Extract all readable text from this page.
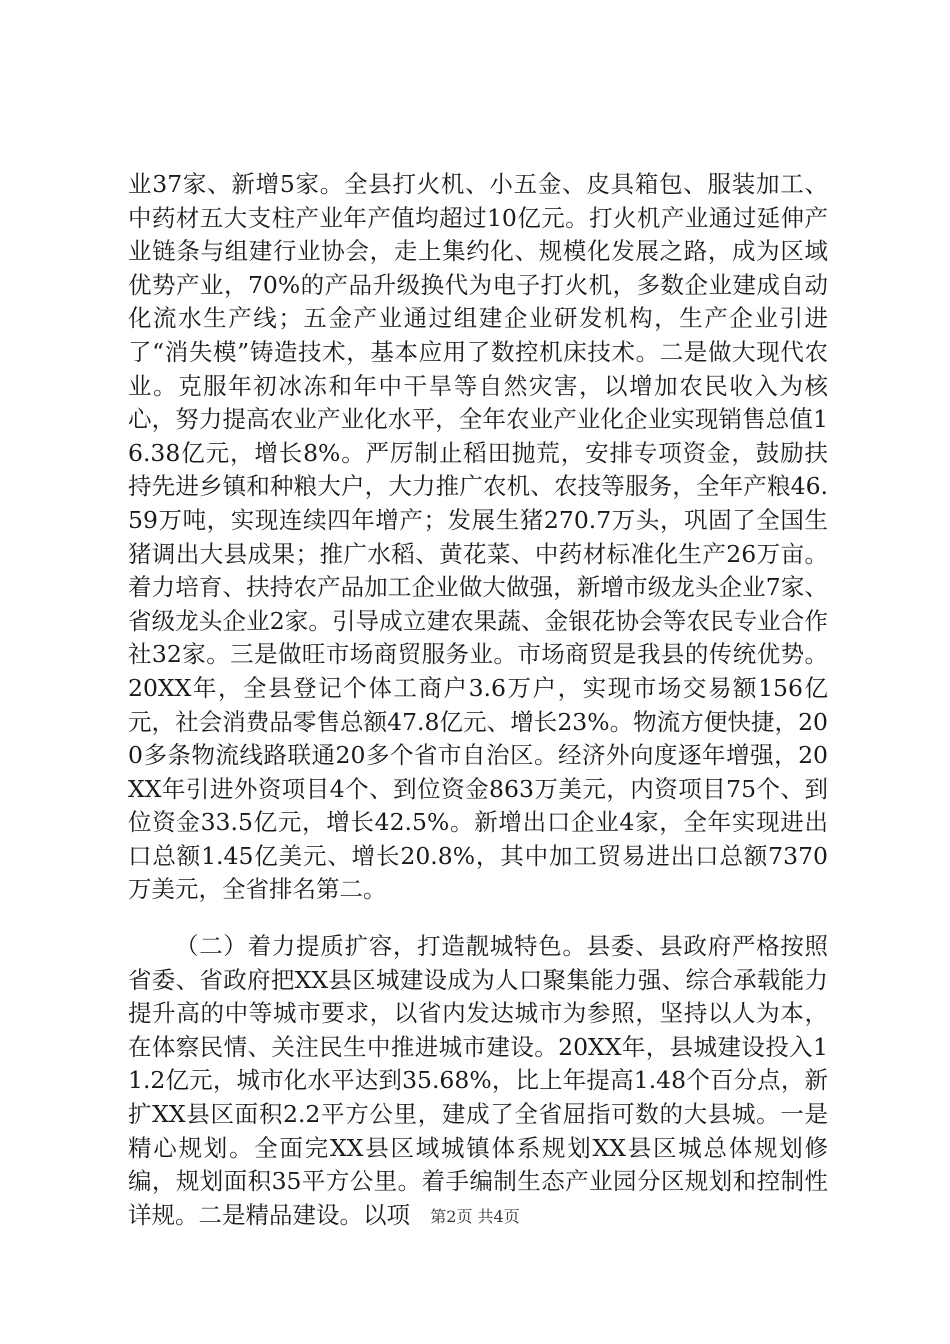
业37家、新增5家。全县打火机、小五金、皮具箱包、服装加工、中药材五大支柱产业年产值均超过10亿元。打火机产业通过延伸产业链条与组建行业协会，走上集约化、规模化发展之路，成为区域优势产业，70%的产品升级换代为电子打火机，多数企业建成自动化流水生产线；五金产业通过组建企业研发机构，生产企业引进了“消失模”铸造技术，基本应用了数控机床技术。二是做大现代农业。克服年初冰冻和年中干旱等自然灾害，以增加农民收入为核心，努力提高农业产业化水平，全年农业产业化企业实现销售总值16.38亿元，增长8%。严厉制止稻田抛荒，安排专项资金，鼓励扶持先进乡镇和种粮大户，大力推广农机、农技等服务，全年产粮46.59万吨，实现连续四年增产；发展生猪270.7万头，巩固了全国生猪调出大县成果；推广水稻、黄花菜、中药材标准化生产26万亩。着力培育、扶持农产品加工企业做大做强，新增市级龙头企业7家、省级龙头企业2家。引导成立建农果蔬、金银花协会等农民专业合作社32家。三是做旺市场商贸服务业。市场商贸是我县的传统优势。20XX年，全县登记个体工商户3.6万户，实现市场交易额156亿元，社会消费品零售总额47.8亿元、增长23%。物流方便快捷，200多条物流线路联通20多个省市自治区。经济外向度逐年增强，20XX年引进外资项目4个、到位资金863万美元，内资项目75个、到位资金33.5亿元，增长42.5%。新增出口企业4家，全年实现进出口总额1.45亿美元、增长20.8%，其中加工贸易进出口总额7370万美元，全省排名第二。

（二）着力提质扩容，打造靓城特色。县委、县政府严格按照省委、省政府把XX县区城建设成为人口聚集能力强、综合承载能力提升高的中等城市要求，以省内发达城市为参照，坚持以人为本，在体察民情、关注民生中推进城市建设。20XX年，县城建设投入11.2亿元，城市化水平达到35.68%，比上年提高1.48个百分点，新扩XX县区面积2.2平方公里，建成了全省屈指可数的大县城。一是精心规划。全面完XX县区域城镇体系规划XX县区城总体规划修编，规划面积35平方公里。着手编制生态产业园分区规划和控制性详规。二是精品建设。以项	第2页 共4页
